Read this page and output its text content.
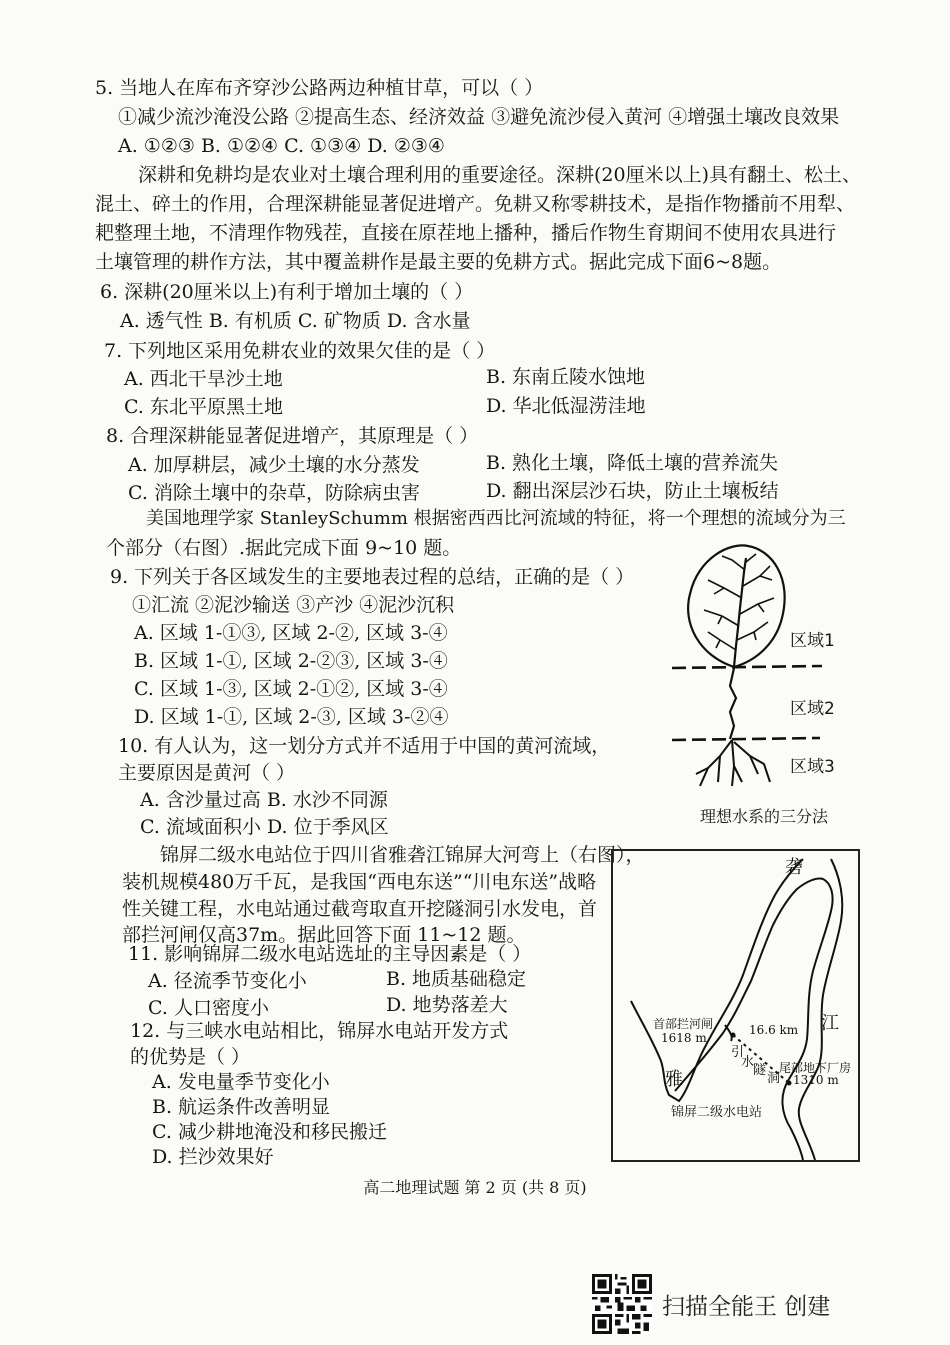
5. 当地人在库布齐穿沙公路两边种植甘草，可以（ ）
①减少流沙淹没公路 ②提高生态、经济效益 ③避免流沙侵入黄河 ④增强土壤改良效果
A. ①②③ B. ①②④ C. ①③④ D. ②③④
深耕和免耕均是农业对土壤合理利用的重要途径。深耕(20厘米以上)具有翻土、松土、
混土、碎土的作用，合理深耕能显著促进增产。免耕又称零耕技术，是指作物播前不用犁、
耙整理土地，不清理作物残茬，直接在原茬地上播种，播后作物生育期间不使用农具进行
土壤管理的耕作方法，其中覆盖耕作是最主要的免耕方式。据此完成下面6~8题。
6. 深耕(20厘米以上)有利于增加土壤的（ ）
A. 透气性 B. 有机质 C. 矿物质 D. 含水量
7. 下列地区采用免耕农业的效果欠佳的是（ ）
A. 西北干旱沙土地	B. 东南丘陵水蚀地
C. 东北平原黑土地	D. 华北低湿涝洼地
8. 合理深耕能显著促进增产，其原理是（ ）
A. 加厚耕层，减少土壤的水分蒸发	B. 熟化土壤，降低土壤的营养流失
C. 消除土壤中的杂草，防除病虫害	D. 翻出深层沙石块，防止土壤板结
美国地理学家 StanleySchumm 根据密西西比河流域的特征，将一个理想的流域分为三
个部分（右图）.据此完成下面 9~10 题。
9. 下列关于各区域发生的主要地表过程的总结，正确的是（ ）
①汇流 ②泥沙输送 ③产沙 ④泥沙沉积
A. 区域 1-①③, 区域 2-②, 区域 3-④
B. 区域 1-①, 区域 2-②③, 区域 3-④
C. 区域 1-③, 区域 2-①②, 区域 3-④
D. 区域 1-①, 区域 2-③, 区域 3-②④
10. 有人认为，这一划分方式并不适用于中国的黄河流域，
主要原因是黄河（ ）
A. 含沙量过高 B. 水沙不同源
C. 流域面积小 D. 位于季风区
锦屏二级水电站位于四川省雅砻江锦屏大河弯上（右图），
装机规模480万千瓦，是我国“西电东送”“川电东送”战略
性关键工程，水电站通过截弯取直开挖隧洞引水发电，首
部拦河闸仅高37m。据此回答下面 11~12 题。
11. 影响锦屏二级水电站选址的主导因素是（ ）
A. 径流季节变化小	B. 地质基础稳定
C. 人口密度小	D. 地势落差大
12. 与三峡水电站相比，锦屏水电站开发方式
的优势是（ ）
A. 发电量季节变化小
B. 航运条件改善明显
C. 减少耕地淹没和移民搬迁
D. 拦沙效果好
区域1
区域2
区域3
理想水系的三分法
砻
江
雅
首部拦河闸
1618 m
16.6 km
引
水
隧
洞
尾部地下厂房
1310 m
锦屏二级水电站
高二地理试题 第 2 页 (共 8 页)
扫描全能王 创建
